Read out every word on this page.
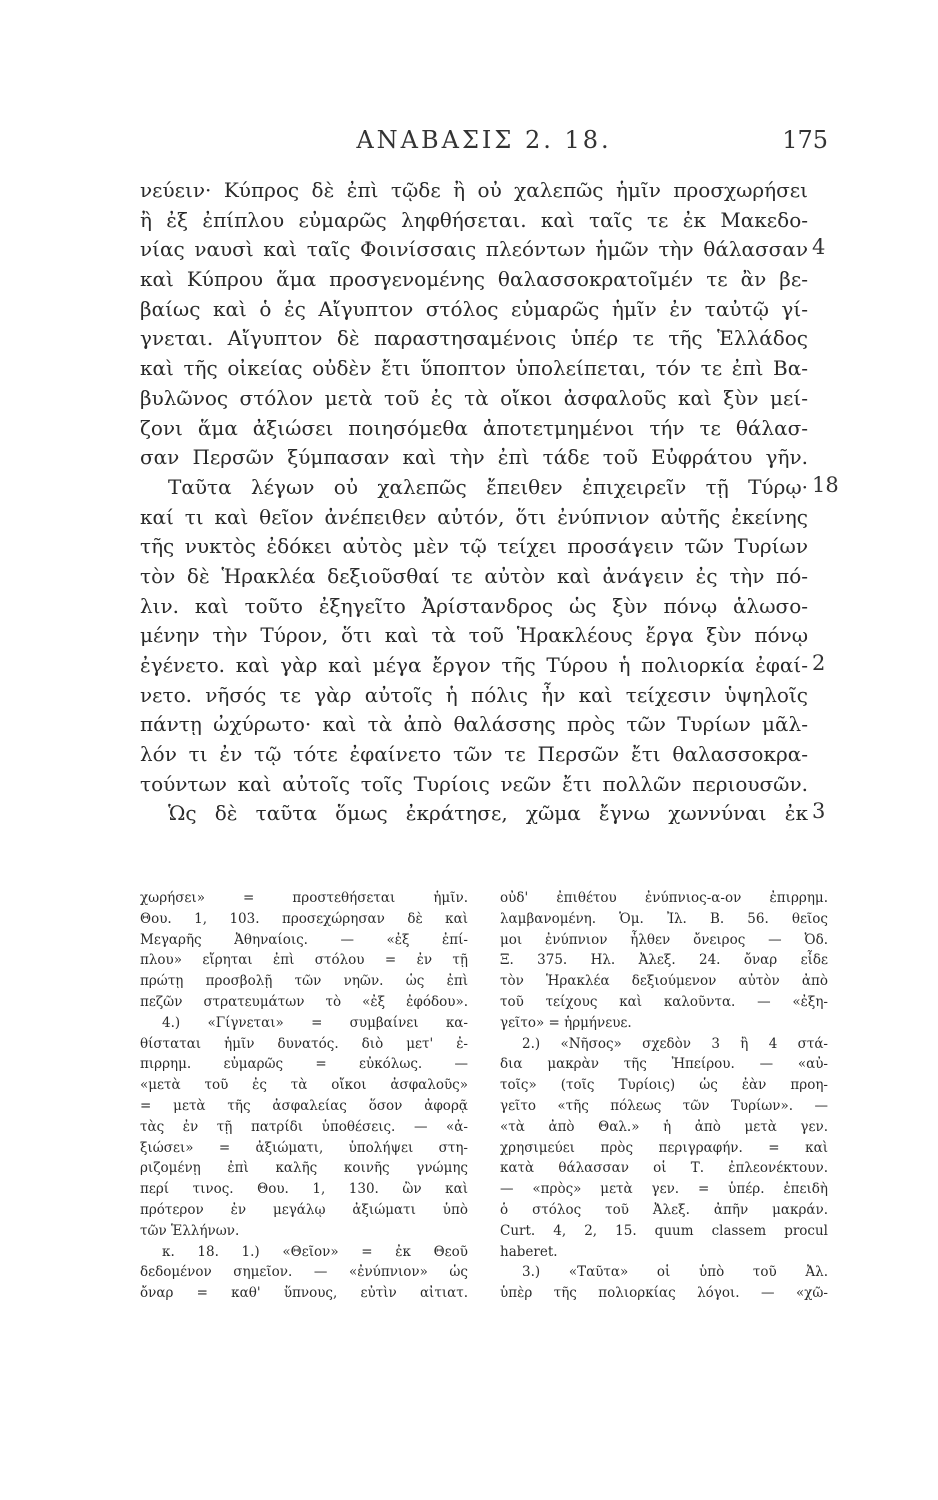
ΑΝΑΒΑΣΙΣ 2. 18.	175
νεύειν· Κύπρος δὲ ἐπὶ τῷδε ἢ οὐ χαλεπῶς ἡμῖν προσχωρήσει
ἢ ἐξ ἐπίπλου εὐμαρῶς ληφθήσεται. καὶ ταῖς τε ἐκ Μακεδο-
νίας ναυσὶ καὶ ταῖς Φοινίσσαις πλεόντων ἡμῶν τὴν θάλασσαν
καὶ Κύπρου ἅμα προσγενομένης θαλασσοκρατοῖμέν τε ἂν βε-
βαίως καὶ ὁ ἐς Αἴγυπτον στόλος εὐμαρῶς ἡμῖν ἐν ταὐτῷ γί-
γνεται. Αἴγυπτον δὲ παραστησαμένοις ὑπέρ τε τῆς Ἑλλάδος
καὶ τῆς οἰκείας οὐδὲν ἔτι ὕποπτον ὑπολείπεται, τόν τε ἐπὶ Βα-
βυλῶνος στόλον μετὰ τοῦ ἐς τὰ οἴκοι ἀσφαλοῦς καὶ ξὺν μεί-
ζονι ἅμα ἀξιώσει ποιησόμεθα ἀποτετμημένοι τήν τε θάλασ-
σαν Περσῶν ξύμπασαν καὶ τὴν ἐπὶ τάδε τοῦ Εὐφράτου γῆν.
Ταῦτα λέγων οὐ χαλεπῶς ἔπειθεν ἐπιχειρεῖν τῇ Τύρῳ·
καί τι καὶ θεῖον ἀνέπειθεν αὐτόν, ὅτι ἐνύπνιον αὐτῆς ἐκείνης
τῆς νυκτὸς ἐδόκει αὐτὸς μὲν τῷ τείχει προσάγειν τῶν Τυρίων
τὸν δὲ Ἡρακλέα δεξιοῦσθαί τε αὐτὸν καὶ ἀνάγειν ἐς τὴν πό-
λιν. καὶ τοῦτο ἐξηγεῖτο Ἀρίστανδρος ὡς ξὺν πόνῳ ἁλωσο-
μένην τὴν Τύρον, ὅτι καὶ τὰ τοῦ Ἡρακλέους ἔργα ξὺν πόνῳ
ἐγένετο. καὶ γὰρ καὶ μέγα ἔργον τῆς Τύρου ἡ πολιορκία ἐφαί-
νετο. νῆσός τε γὰρ αὐτοῖς ἡ πόλις ἦν καὶ τείχεσιν ὑψηλοῖς
πάντῃ ὠχύρωτο· καὶ τὰ ἀπὸ θαλάσσης πρὸς τῶν Τυρίων μᾶλ-
λόν τι ἐν τῷ τότε ἐφαίνετο τῶν τε Περσῶν ἔτι θαλασσοκρα-
τούντων καὶ αὐτοῖς τοῖς Τυρίοις νεῶν ἔτι πολλῶν περιουσῶν.
Ὡς δὲ ταῦτα ὅμως ἐκράτησε, χῶμα ἔγνω χωννύναι ἐκ
4
18
2
3
χωρήσει» = προστεθήσεται ἡμῖν.
Θου. 1, 103. προσεχώρησαν δὲ καὶ
Μεγαρῆς Ἀθηναίοις. — «ἐξ ἐπί-
πλου» εἴρηται ἐπὶ στόλου = ἐν τῇ
πρώτῃ προσβολῇ τῶν νηῶν. ὡς ἐπὶ
πεζῶν στρατευμάτων τὸ «ἐξ ἐφόδου».
4.) «Γίγνεται» = συμβαίνει κα-
θίσταται ἡμῖν δυνατός. διὸ μετ' ἐ-
πιρρημ. εὐμαρῶς = εὐκόλως. —
«μετὰ τοῦ ἐς τὰ οἴκοι ἀσφαλοῦς»
= μετὰ τῆς ἀσφαλείας ὅσον ἀφορᾷ
τὰς ἐν τῇ πατρίδι ὑποθέσεις. — «ἀ-
ξιώσει» = ἀξιώματι, ὑπολήψει στη-
ριζομένῃ ἐπὶ καλῆς κοινῆς γνώμης
περί τινος. Θου. 1, 130. ὢν καὶ
πρότερον ἐν μεγάλῳ ἀξιώματι ὑπὸ
τῶν Ἑλλήνων.
κ. 18. 1.) «Θεῖον» = ἐκ Θεοῦ
δεδομένον σημεῖον. — «ἐνύπνιον» ὡς
ὄναρ = καθ' ὕπνους, εὐτὶν αἰτιατ.
οὐδ' ἐπιθέτου ἐνύπνιος-α-ον ἐπιρρημ.
λαμβανομένη. Ὁμ. Ἰλ. Β. 56. θεῖος
μοι ἐνύπνιον ἦλθεν ὄνειρος — Ὀδ.
Ξ. 375. Ηλ. Ἀλεξ. 24. ὄναρ εἶδε
τὸν Ἡρακλέα δεξιούμενον αὐτὸν ἀπὸ
τοῦ τείχους καὶ καλοῦντα. — «ἐξη-
γεῖτο» = ἡρμήνευε.
2.) «Νῆσος» σχεδὸν 3 ἢ 4 στά-
δια μακρὰν τῆς Ἠπείρου. — «αὐ-
τοῖς» (τοῖς Τυρίοις) ὡς ἐὰν προη-
γεῖτο «τῆς πόλεως τῶν Τυρίων». —
«τὰ ἀπὸ Θαλ.» ἡ ἀπὸ μετὰ γεν.
χρησιμεύει πρὸς περιγραφήν. = καὶ
κατὰ θάλασσαν οἱ Τ. ἐπλεονέκτουν.
— «πρὸς» μετὰ γεν. = ὑπέρ. ἐπειδὴ
ὁ στόλος τοῦ Ἀλεξ. ἀπῆν μακράν.
Curt. 4, 2, 15. quum classem procul
haberet.
3.) «Ταῦτα» οἱ ὑπὸ τοῦ Ἀλ.
ὑπὲρ τῆς πολιορκίας λόγοι. — «χῶ-
